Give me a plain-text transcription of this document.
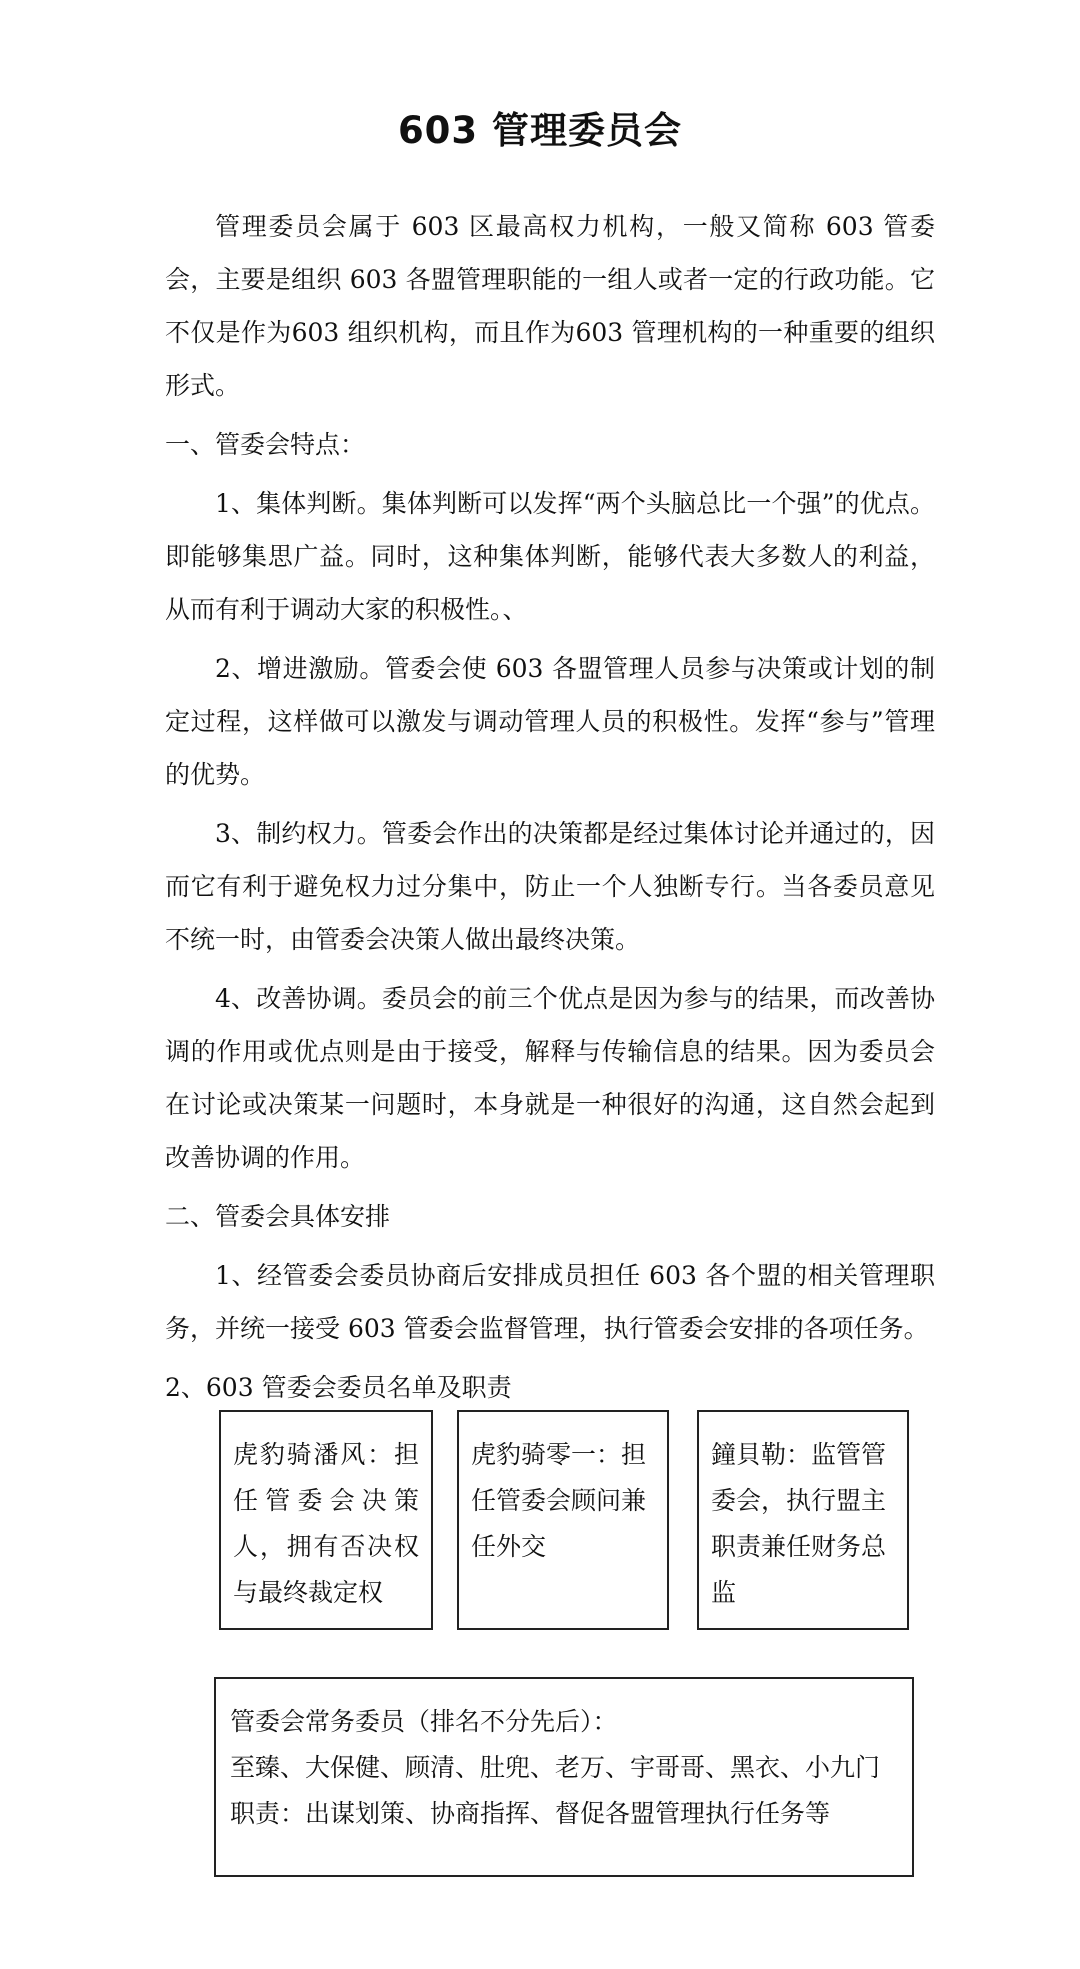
603 管理委员会

管理委员会属于 603 区最高权力机构，一般又简称 603 管委会，主要是组织 603 各盟管理职能的一组人或者一定的行政功能。它不仅是作为603 组织机构，而且作为603 管理机构的一种重要的组织形式。

一、管委会特点：

1、集体判断。集体判断可以发挥“两个头脑总比一个强”的优点。即能够集思广益。同时，这种集体判断，能够代表大多数人的利益，从而有利于调动大家的积极性。、

2、增进激励。管委会使 603 各盟管理人员参与决策或计划的制定过程，这样做可以激发与调动管理人员的积极性。发挥“参与”管理的优势。

3、制约权力。管委会作出的决策都是经过集体讨论并通过的，因而它有利于避免权力过分集中，防止一个人独断专行。当各委员意见不统一时，由管委会决策人做出最终决策。

4、改善协调。委员会的前三个优点是因为参与的结果，而改善协调的作用或优点则是由于接受，解释与传输信息的结果。因为委员会在讨论或决策某一问题时，本身就是一种很好的沟通，这自然会起到改善协调的作用。

二、管委会具体安排

1、经管委会委员协商后安排成员担任 603 各个盟的相关管理职务，并统一接受 603 管委会监督管理，执行管委会安排的各项任务。

2、603 管委会委员名单及职责

虎豹骑潘风：担任管委会决策人，拥有否决权与最终裁定权
虎豹骑零一：担任管委会顾问兼任外交
鐘貝勒：监管管委会，执行盟主职责兼任财务总监
管委会常务委员（排名不分先后）：
至臻、大保健、顾清、肚兜、老万、宇哥哥、黑衣、小九门
职责：出谋划策、协商指挥、督促各盟管理执行任务等
